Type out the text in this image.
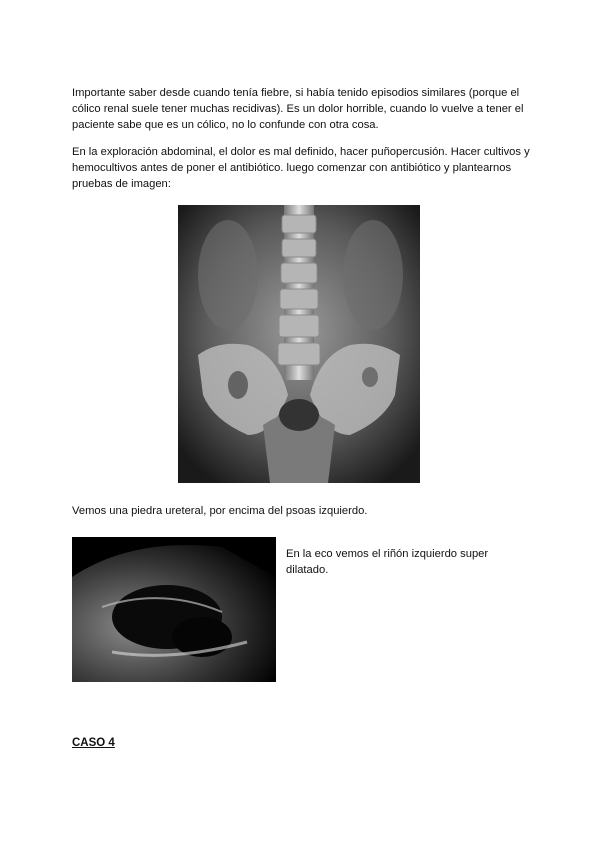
Importante saber desde cuando tenía fiebre, si había tenido episodios similares (porque el cólico renal suele tener muchas recidivas). Es un dolor horrible, cuando lo vuelve a tener el paciente sabe que es un cólico, no lo confunde con otra cosa.

En la exploración abdominal, el dolor es mal definido, hacer puñopercusión. Hacer cultivos y hemocultivos antes de poner el antibiótico. luego comenzar con antibiótico y plantearnos pruebas de imagen:

Vemos una piedra ureteral, por encima del psoas izquierdo.

En la eco vemos el riñón izquierdo super dilatado.

CASO 4
